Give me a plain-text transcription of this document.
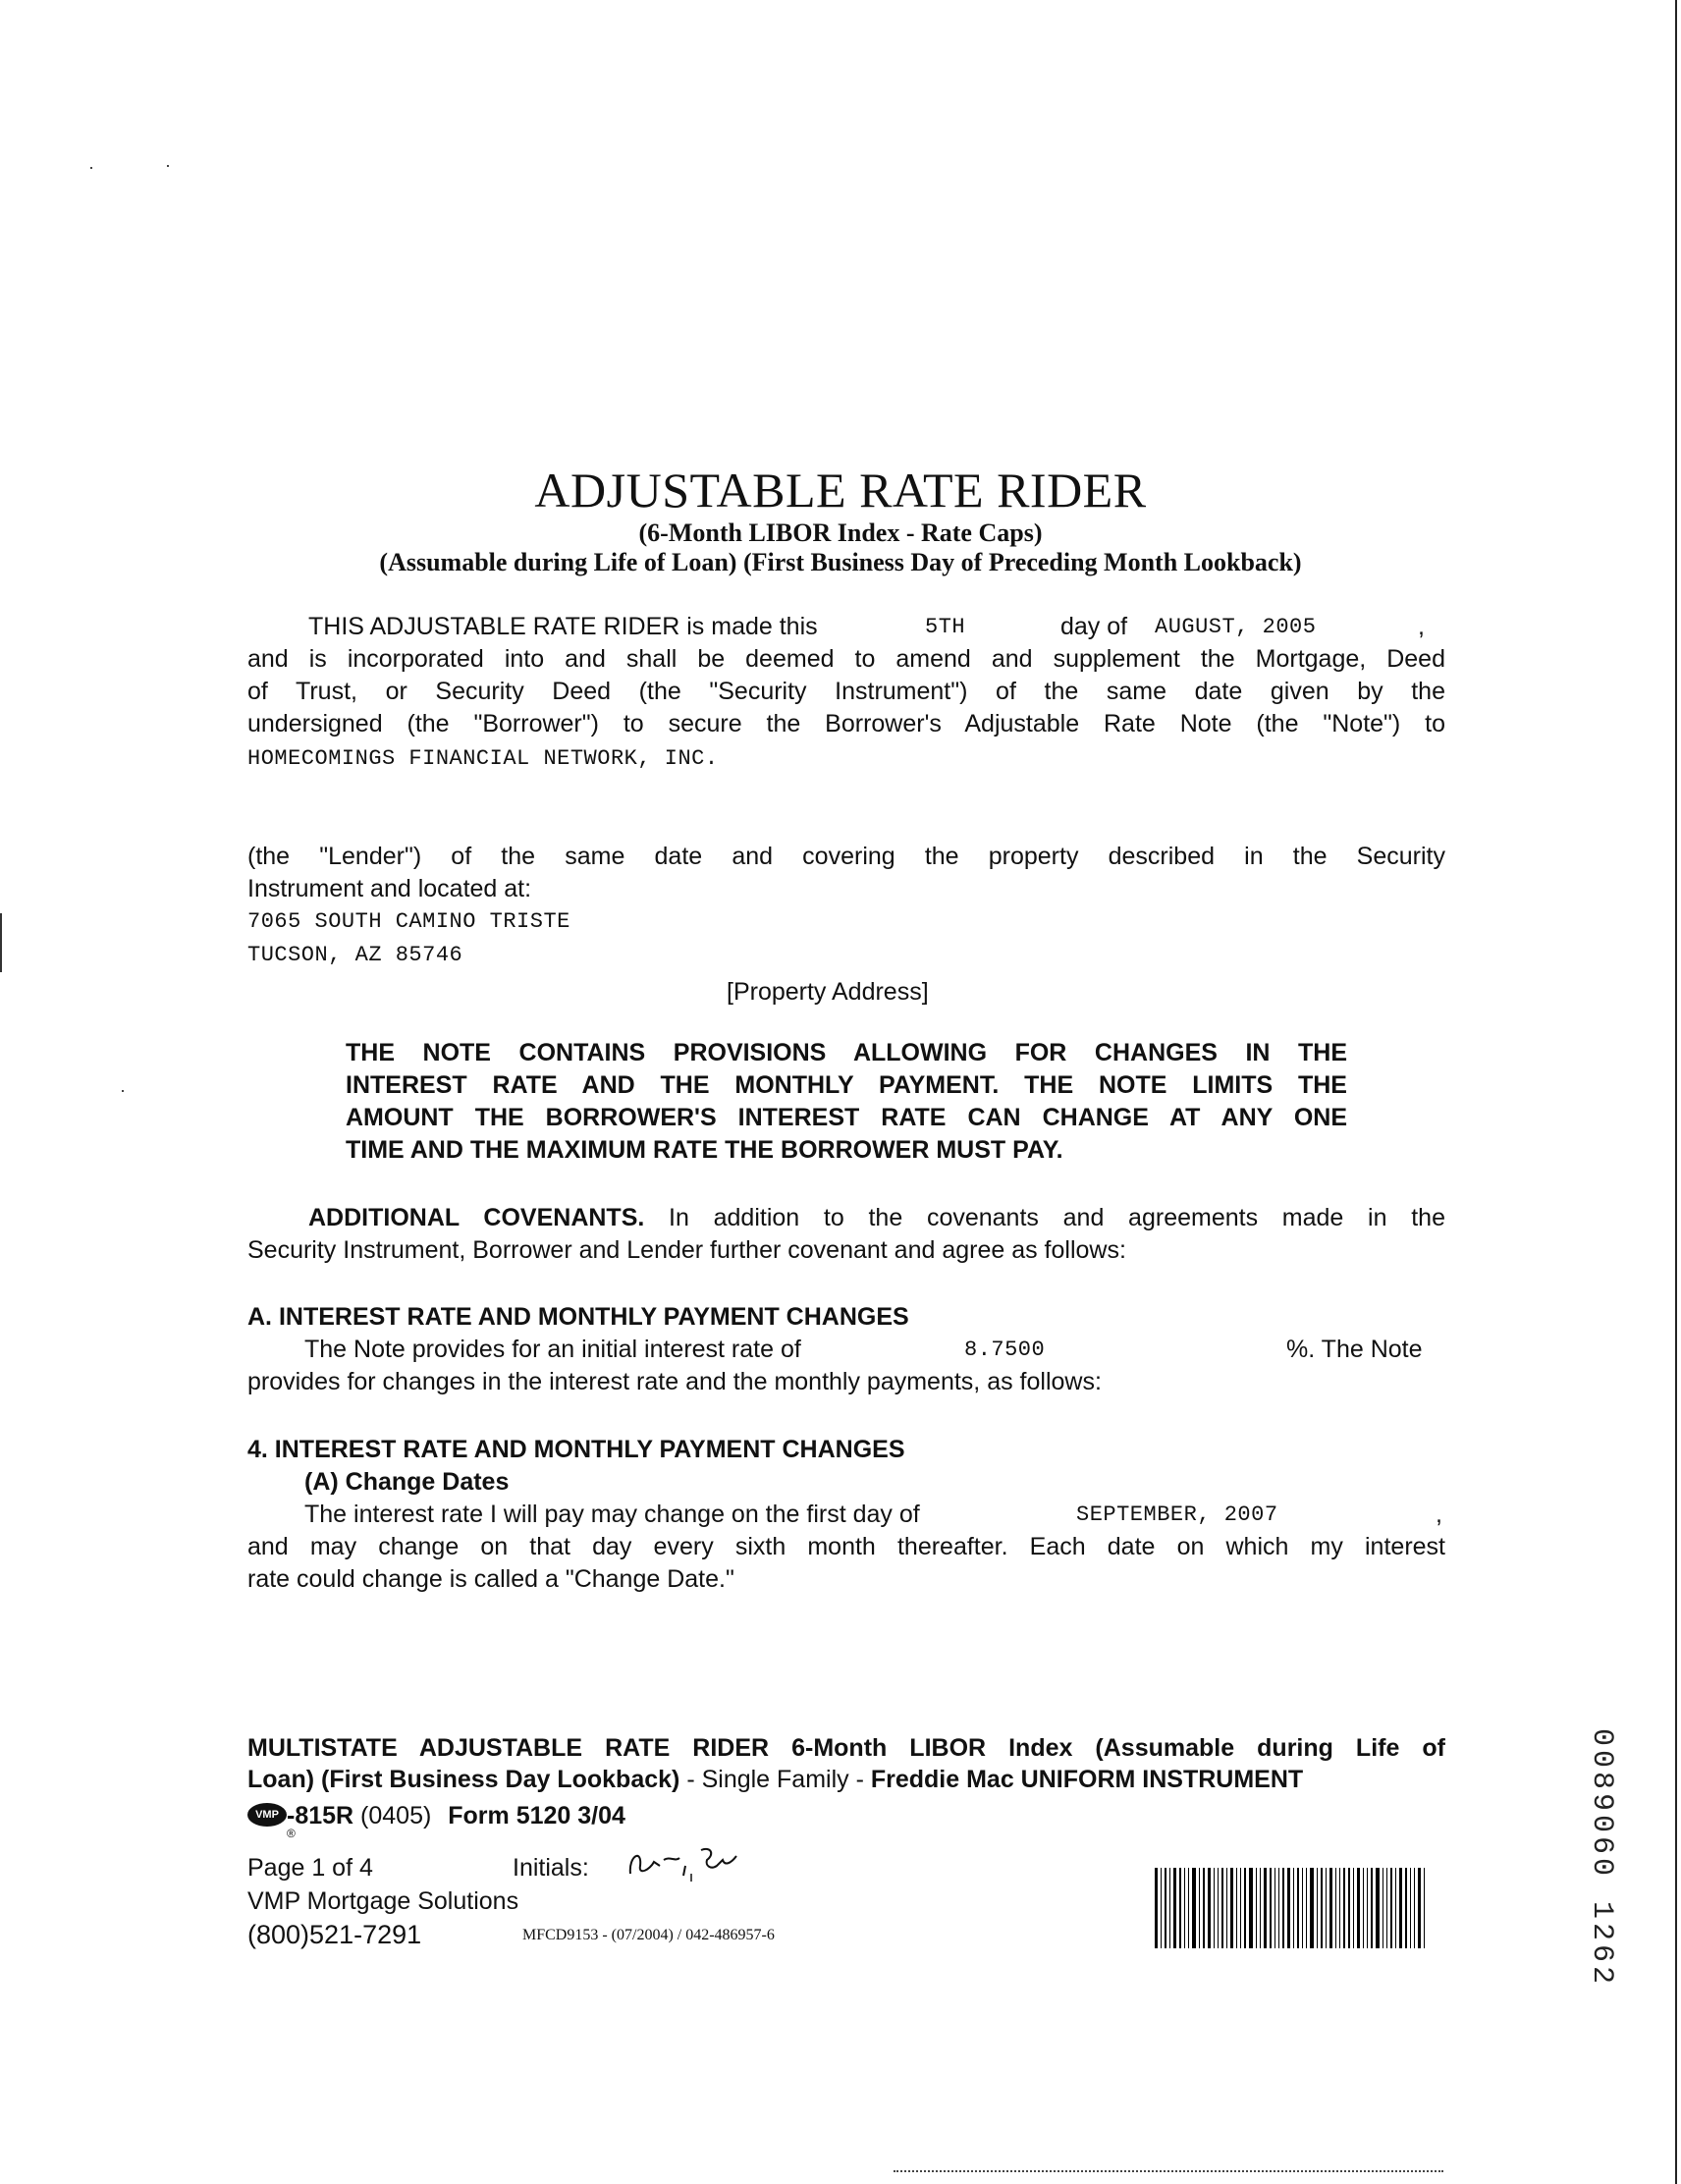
ADJUSTABLE RATE RIDER
(6-Month LIBOR Index - Rate Caps)
(Assumable during Life of Loan) (First Business Day of Preceding Month Lookback)
THIS ADJUSTABLE RATE RIDER is made this	5TH	day of AUGUST, 2005	,
and is incorporated into and shall be deemed to amend and supplement the Mortgage, Deed
of Trust, or Security Deed (the "Security Instrument") of the same date given by the
undersigned (the "Borrower") to secure the Borrower's Adjustable Rate Note (the "Note") to
HOMECOMINGS FINANCIAL NETWORK, INC.
(the "Lender") of the same date and covering the property described in the Security
Instrument and located at:
7065 SOUTH CAMINO TRISTE
TUCSON, AZ 85746
[Property Address]
THE NOTE CONTAINS PROVISIONS ALLOWING FOR CHANGES IN THE
INTEREST RATE AND THE MONTHLY PAYMENT. THE NOTE LIMITS THE
AMOUNT THE BORROWER'S INTEREST RATE CAN CHANGE AT ANY ONE
TIME AND THE MAXIMUM RATE THE BORROWER MUST PAY.
ADDITIONAL COVENANTS. In addition to the covenants and agreements made in the
Security Instrument, Borrower and Lender further covenant and agree as follows:
A. INTEREST RATE AND MONTHLY PAYMENT CHANGES
The Note provides for an initial interest rate of	8.7500	%. The Note
provides for changes in the interest rate and the monthly payments, as follows:
4. INTEREST RATE AND MONTHLY PAYMENT CHANGES
(A) Change Dates
The interest rate I will pay may change on the first day of	SEPTEMBER, 2007	,
and may change on that day every sixth month thereafter. Each date on which my interest
rate could change is called a "Change Date."
MULTISTATE ADJUSTABLE RATE RIDER 6-Month LIBOR Index (Assumable during Life of
Loan) (First Business Day Lookback) - Single Family - Freddie Mac UNIFORM INSTRUMENT
VMP
®
-815R (0405) Form 5120 3/04
Page 1 of 4	Initials:
VMP Mortgage Solutions
(800)521-7291	MFCD9153 - (07/2004) / 042-486957-6	0089060 1262
